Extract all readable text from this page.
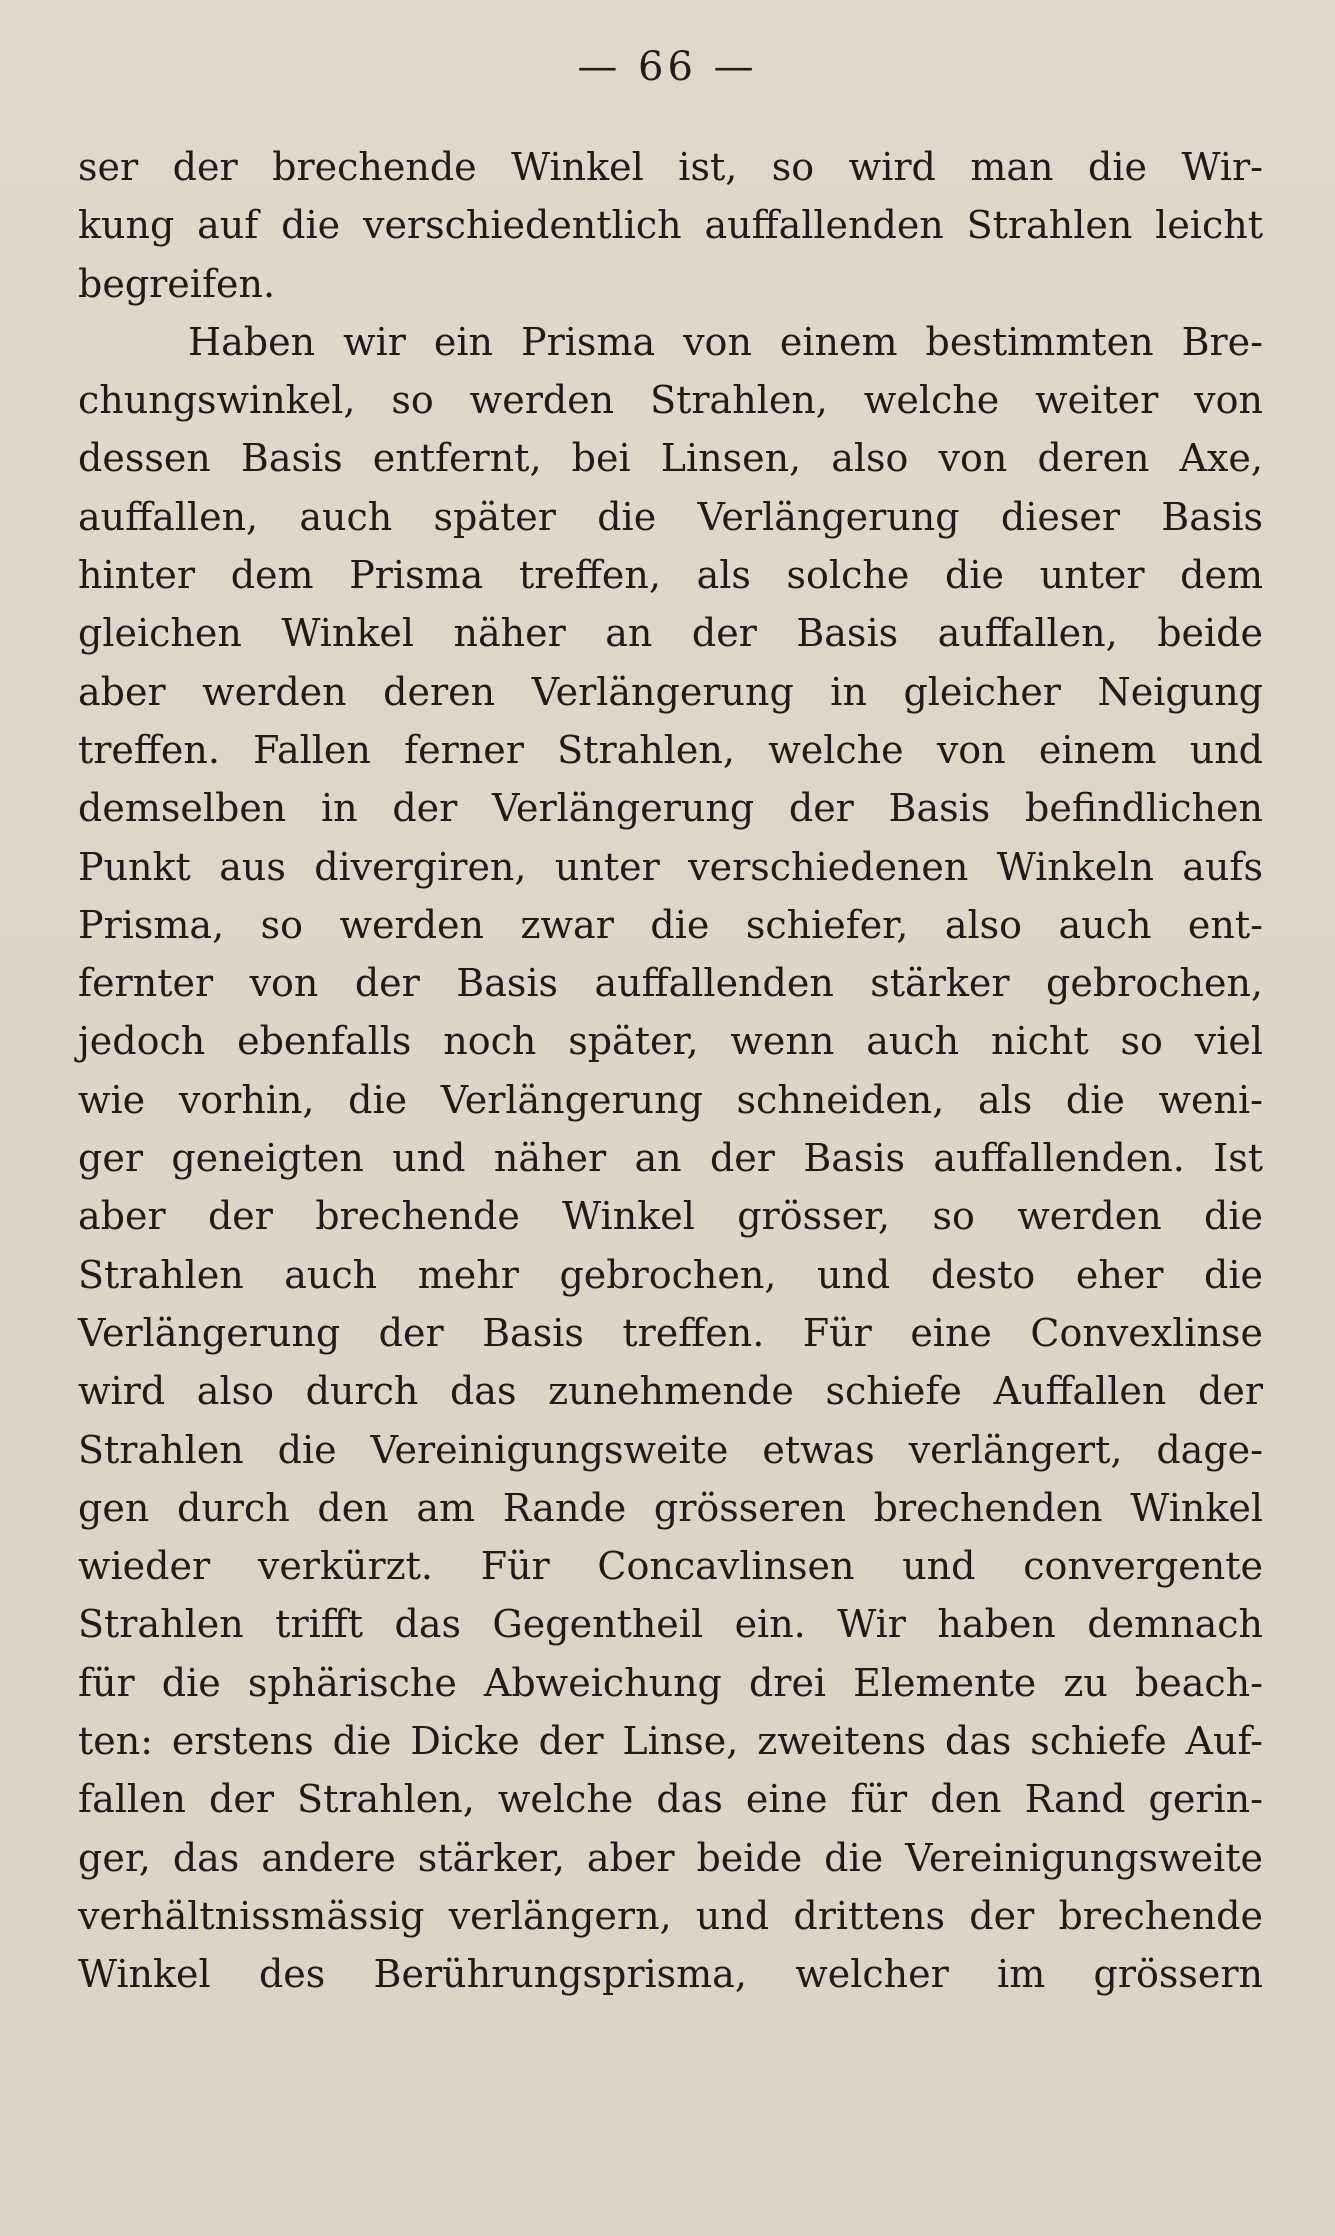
— 66 —
ser der brechende Winkel ist, so wird man die Wir-
kung auf die verschiedentlich auffallenden Strahlen leicht
begreifen.
Haben wir ein Prisma von einem bestimmten Bre-
chungswinkel, so werden Strahlen, welche weiter von
dessen Basis entfernt, bei Linsen, also von deren Axe,
auffallen, auch später die Verlängerung dieser Basis
hinter dem Prisma treffen, als solche die unter dem
gleichen Winkel näher an der Basis auffallen, beide
aber werden deren Verlängerung in gleicher Neigung
treffen. Fallen ferner Strahlen, welche von einem und
demselben in der Verlängerung der Basis befindlichen
Punkt aus divergiren, unter verschiedenen Winkeln aufs
Prisma, so werden zwar die schiefer, also auch ent-
fernter von der Basis auffallenden stärker gebrochen,
jedoch ebenfalls noch später, wenn auch nicht so viel
wie vorhin, die Verlängerung schneiden, als die weni-
ger geneigten und näher an der Basis auffallenden. Ist
aber der brechende Winkel grösser, so werden die
Strahlen auch mehr gebrochen, und desto eher die
Verlängerung der Basis treffen. Für eine Convexlinse
wird also durch das zunehmende schiefe Auffallen der
Strahlen die Vereinigungsweite etwas verlängert, dage-
gen durch den am Rande grösseren brechenden Winkel
wieder verkürzt. Für Concavlinsen und convergente
Strahlen trifft das Gegentheil ein. Wir haben demnach
für die sphärische Abweichung drei Elemente zu beach-
ten: erstens die Dicke der Linse, zweitens das schiefe Auf-
fallen der Strahlen, welche das eine für den Rand gerin-
ger, das andere stärker, aber beide die Vereinigungsweite
verhältnissmässig verlängern, und drittens der brechende
Winkel des Berührungsprisma, welcher im grössern
